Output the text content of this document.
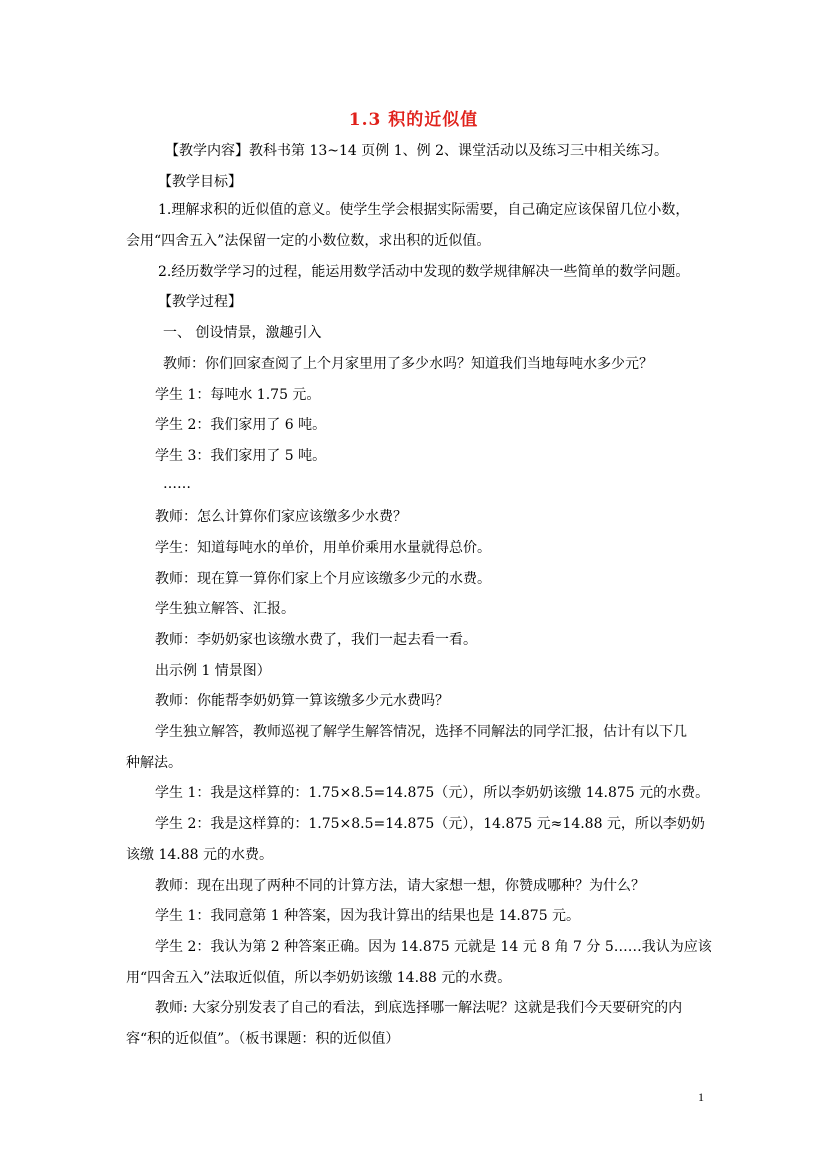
1.3 积的近似值
【教学内容】教科书第 13~14 页例 1、例 2、课堂活动以及练习三中相关练习。
【教学目标】
1.理解求积的近似值的意义。使学生学会根据实际需要，自己确定应该保留几位小数，
会用“四舍五入”法保留一定的小数位数，求出积的近似值。
2.经历数学学习的过程，能运用数学活动中发现的数学规律解决一些简单的数学问题。
【教学过程】
一、 创设情景，激趣引入
教师：你们回家查阅了上个月家里用了多少水吗？知道我们当地每吨水多少元？
学生 1：每吨水 1.75 元。
学生 2：我们家用了 6 吨。
学生 3：我们家用了 5 吨。
……
教师：怎么计算你们家应该缴多少水费？
学生：知道每吨水的单价，用单价乘用水量就得总价。
教师：现在算一算你们家上个月应该缴多少元的水费。
学生独立解答、汇报。
教师：李奶奶家也该缴水费了，我们一起去看一看。
出示例 1 情景图）
教师：你能帮李奶奶算一算该缴多少元水费吗？
学生独立解答，教师巡视了解学生解答情况，选择不同解法的同学汇报，估计有以下几
种解法。
学生 1：我是这样算的：1.75×8.5=14.875（元），所以李奶奶该缴 14.875 元的水费。
学生 2：我是这样算的：1.75×8.5=14.875（元），14.875 元≈14.88 元，所以李奶奶
该缴 14.88 元的水费。
教师：现在出现了两种不同的计算方法，请大家想一想，你赞成哪种？为什么？
学生 1：我同意第 1 种答案，因为我计算出的结果也是 14.875 元。
学生 2：我认为第 2 种答案正确。因为 14.875 元就是 14 元 8 角 7 分 5……我认为应该
用“四舍五入”法取近似值，所以李奶奶该缴 14.88 元的水费。
教师: 大家分别发表了自己的看法，到底选择哪一解法呢？这就是我们今天要研究的内
容“积的近似值”。（板书课题：积的近似值）
1
